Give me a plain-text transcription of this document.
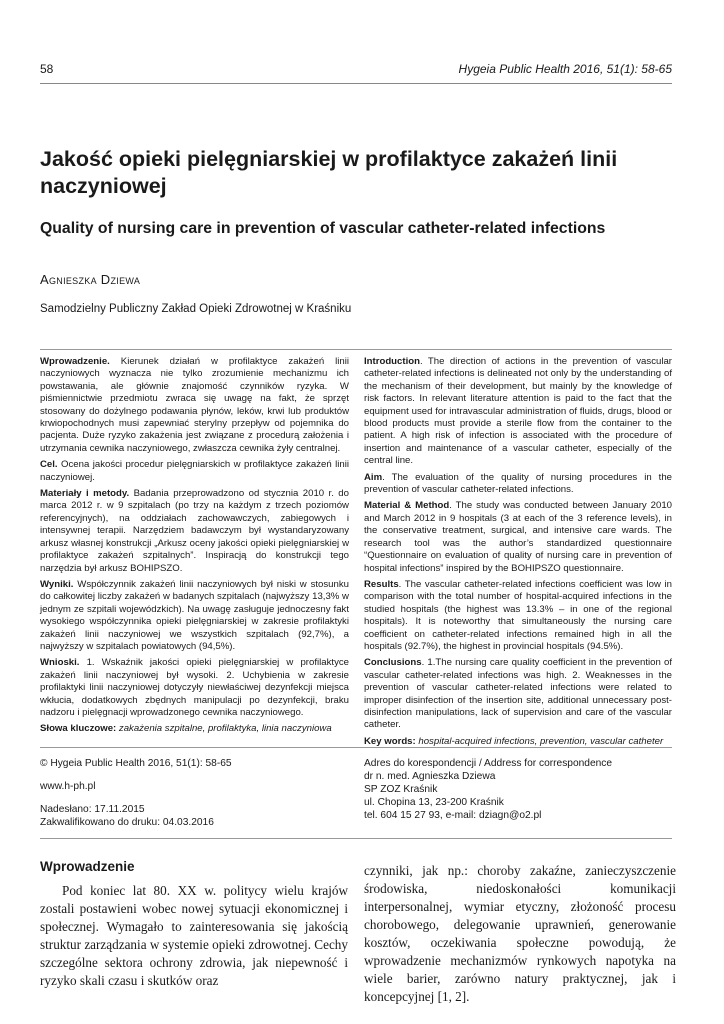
58	Hygeia Public Health 2016, 51(1): 58-65
Jakość opieki pielęgniarskiej w profilaktyce zakażeń linii naczyniowej
Quality of nursing care in prevention of vascular catheter-related infections
Agnieszka Dziewa
Samodzielny Publiczny Zakład Opieki Zdrowotnej w Kraśniku

Wprowadzenie. Kierunek działań w profilaktyce zakażeń linii naczyniowych wyznacza nie tylko zrozumienie mechanizmu ich powstawania, ale głównie znajomość czynników ryzyka. W piśmiennictwie przedmiotu zwraca się uwagę na fakt, że sprzęt stosowany do dożylnego podawania płynów, leków, krwi lub produktów krwiopochodnych musi zapewniać sterylny przepływ od pojemnika do pacjenta. Duże ryzyko zakażenia jest związane z procedurą założenia i utrzymania cewnika naczyniowego, zwłaszcza cewnika żyły centralnej.

Cel. Ocena jakości procedur pielęgniarskich w profilaktyce zakażeń linii naczyniowej.

Materiały i metody. Badania przeprowadzono od stycznia 2010 r. do marca 2012 r. w 9 szpitalach (po trzy na każdym z trzech poziomów referencyjnych), na oddziałach zachowawczych, zabiegowych i intensywnej terapii. Narzędziem badawczym był wystandaryzowany arkusz własnej konstrukcji „Arkusz oceny jakości opieki pielęgniarskiej w profilaktyce zakażeń szpitalnych”. Inspiracją do konstrukcji tego narzędzia był arkusz BOHIPSZO.

Wyniki. Współczynnik zakażeń linii naczyniowych był niski w stosunku do całkowitej liczby zakażeń w badanych szpitalach (najwyższy 13,3% w jednym ze szpitali wojewódzkich). Na uwagę zasługuje jednoczesny fakt wysokiego współczynnika opieki pielęgniarskiej w zakresie profilaktyki zakażeń linii naczyniowej we wszystkich szpitalach (92,7%), a najwyższy w szpitalach powiatowych (94,5%).

Wnioski. 1. Wskaźnik jakości opieki pielęgniarskiej w profilaktyce zakażeń linii naczyniowej był wysoki. 2. Uchybienia w zakresie profilaktyki linii naczyniowej dotyczyły niewłaściwej dezynfekcji miejsca wkłucia, dodatkowych zbędnych manipulacji po dezynfekcji, braku nadzoru i pielęgnacji wprowadzonego cewnika naczyniowego.

Słowa kluczowe: zakażenia szpitalne, profilaktyka, linia naczyniowa

Introduction. The direction of actions in the prevention of vascular catheter-related infections is delineated not only by the understanding of the mechanism of their development, but mainly by the knowledge of risk factors. In relevant literature attention is paid to the fact that the equipment used for intravascular administration of fluids, drugs, blood or blood products must provide a sterile flow from the container to the patient. A high risk of infection is associated with the procedure of insertion and maintenance of a vascular catheter, especially of the central line.

Aim. The evaluation of the quality of nursing procedures in the prevention of vascular catheter-related infections.

Material & Method. The study was conducted between January 2010 and March 2012 in 9 hospitals (3 at each of the 3 reference levels), in the conservative treatment, surgical, and intensive care wards. The research tool was the author’s standardized questionnaire “Questionnaire on evaluation of quality of nursing care in prevention of hospital infections” inspired by the BOHIPSZO questionnaire.

Results. The vascular catheter-related infections coefficient was low in comparison with the total number of hospital-acquired infections in the studied hospitals (the highest was 13.3% – in one of the regional hospitals). It is noteworthy that simultaneously the nursing care coefficient on catheter-related infections remained high in all the hospitals (92.7%), the highest in provincial hospitals (94.5%).

Conclusions. 1.The nursing care quality coefficient in the prevention of vascular catheter-related infections was high. 2. Weaknesses in the prevention of vascular catheter-related infections were related to improper disinfection of the insertion site, additional unnecessary post-disinfection manipulations, lack of supervision and care of the vascular catheter.

Key words: hospital-acquired infections, prevention, vascular catheter

© Hygeia Public Health 2016, 51(1): 58-65
www.h-ph.pl
Nadesłano: 17.11.2015
Zakwalifikowano do druku: 04.03.2016
Adres do korespondencji / Address for correspondence
dr n. med. Agnieszka Dziewa
SP ZOZ Kraśnik
ul. Chopina 13, 23-200 Kraśnik
tel. 604 15 27 93, e-mail: dziagn@o2.pl
Wprowadzenie

Pod koniec lat 80. XX w. politycy wielu krajów zostali postawieni wobec nowej sytuacji ekonomicznej i społecznej. Wymagało to zainteresowania się jakością struktur zarządzania w systemie opieki zdrowotnej. Cechy szczególne sektora ochrony zdrowia, jak niepewność i ryzyko skali czasu i skutków oraz

czynniki, jak np.: choroby zakaźne, zanieczyszczenie środowiska, niedoskonałości komunikacji interpersonalnej, wymiar etyczny, złożoność procesu chorobowego, delegowanie uprawnień, generowanie kosztów, oczekiwania społeczne powodują, że wprowadzenie mechanizmów rynkowych napotyka na wiele barier, zarówno natury praktycznej, jak i koncepcyjnej [1, 2].
